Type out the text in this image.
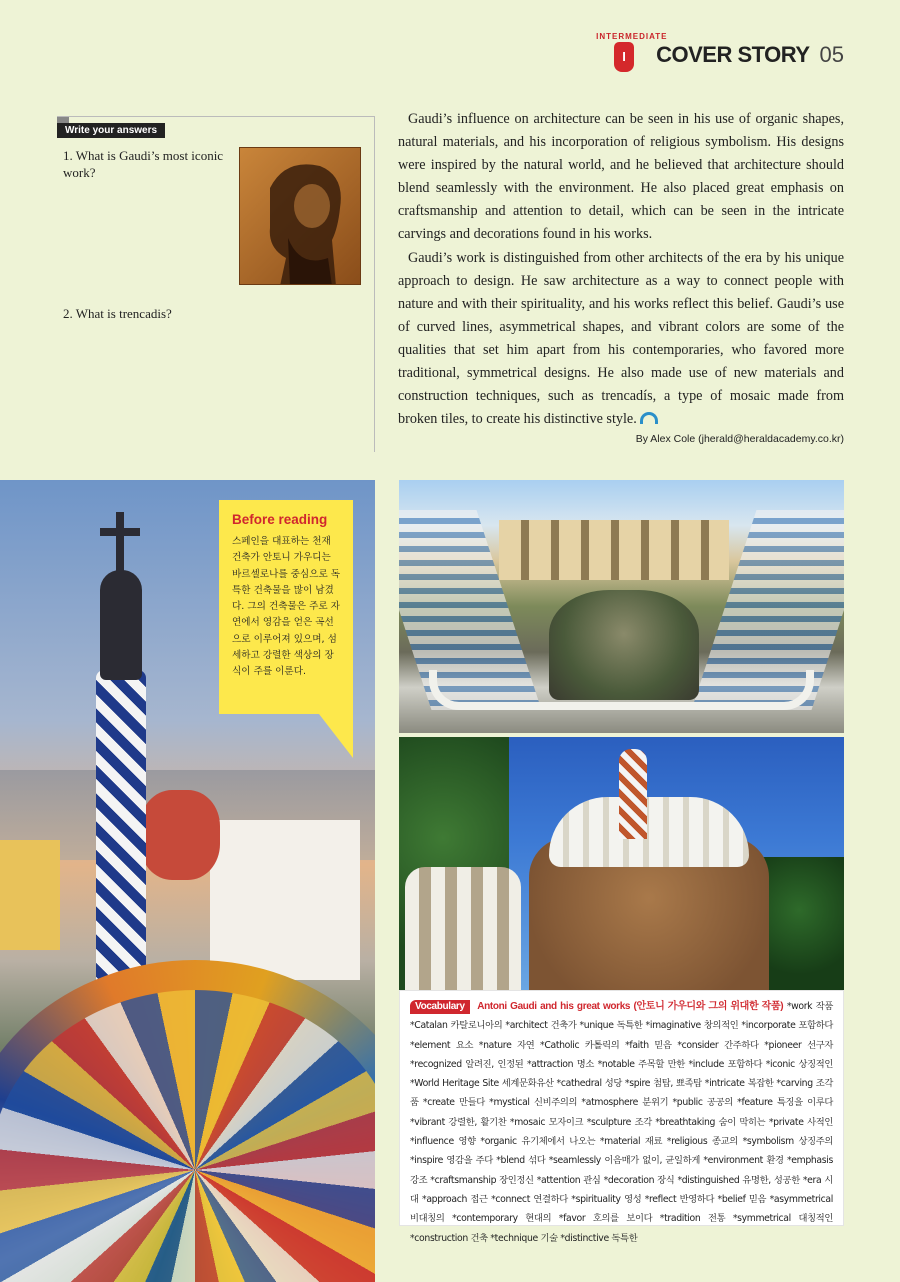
INTERMEDIATE
I
COVER STORY 05
Write your answers
1. What is Gaudi’s most iconic work?
2. What is trencadis?

Gaudi’s influence on architecture can be seen in his use of organic shapes, natural materials, and his incorporation of religious symbolism. His designs were inspired by the natural world, and he believed that architecture should blend seamlessly with the environment. He also placed great emphasis on craftsmanship and attention to detail, which can be seen in the intricate carvings and decorations found in his works.

Gaudi’s work is distinguished from other architects of the era by his unique approach to design. He saw architecture as a way to connect people with nature and with their spirituality, and his works reflect this belief. Gaudi’s use of curved lines, asymmetrical shapes, and vibrant colors are some of the qualities that set him apart from his contemporaries, who favored more traditional, symmetrical designs. He also made use of new materials and construction techniques, such as trencadís, a type of mosaic made from broken tiles, to create his distinctive style.

By Alex Cole (jherald@heraldacademy.co.kr)
Before reading
스페인을 대표하는 천재 건축가 안토니 가우디는 바르셀로나를 중심으로 독특한 건축물을 많이 남겼다. 그의 건축물은 주로 자연에서 영감을 얻은 곡선으로 이루어져 있으며, 섬세하고 강렬한 색상의 장식이 주를 이룬다.
Vocabulary Antoni Gaudi and his great works (안토니 가우디와 그의 위대한 작품) *work 작품 *Catalan 카탈로니아의 *architect 건축가 *unique 독특한 *imaginative 창의적인 *incorporate 포함하다 *element 요소 *nature 자연 *Catholic 카톨릭의 *faith 믿음 *consider 간주하다 *pioneer 선구자 *recognized 알려진, 인정된 *attraction 명소 *notable 주목할 만한 *include 포함하다 *iconic 상징적인 *World Heritage Site 세계문화유산 *cathedral 성당 *spire 첨탑, 뾰족탑 *intricate 복잡한 *carving 조각품 *create 만들다 *mystical 신비주의의 *atmosphere 분위기 *public 공공의 *feature 특징을 이루다 *vibrant 강렬한, 활기찬 *mosaic 모자이크 *sculpture 조각 *breathtaking 숨이 막히는 *private 사적인 *influence 영향 *organic 유기체에서 나오는 *material 재료 *religious 종교의 *symbolism 상징주의 *inspire 영감을 주다 *blend 섞다 *seamlessly 이음매가 없이, 균일하게 *environment 환경 *emphasis 강조 *craftsmanship 장인정신 *attention 관심 *decoration 장식 *distinguished 유명한, 성공한 *era 시대 *approach 접근 *connect 연결하다 *spirituality 영성 *reflect 반영하다 *belief 믿음 *asymmetrical 비대칭의 *contemporary 현대의 *favor 호의를 보이다 *tradition 전통 *symmetrical 대칭적인 *construction 건축 *technique 기술 *distinctive 독특한
